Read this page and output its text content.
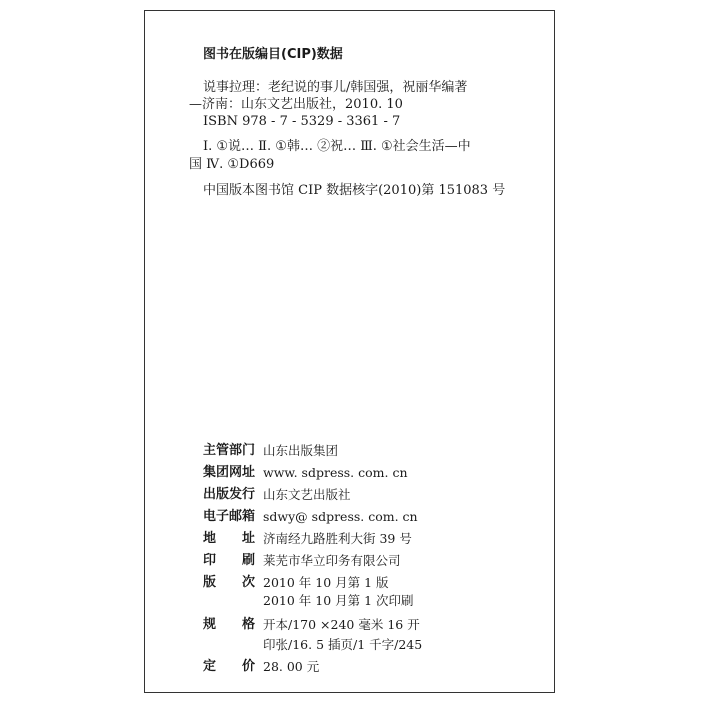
图书在版编目(CIP)数据
说事拉理：老纪说的事儿/韩国强，祝丽华编著
—济南：山东文艺出版社，2010. 10
ISBN 978 - 7 - 5329 - 3361 - 7
Ⅰ. ①说… Ⅱ. ①韩… ②祝… Ⅲ. ①社会生活—中
国 Ⅳ. ①D669
中国版本图书馆 CIP 数据核字(2010)第 151083 号
主管部门 山东出版集团
集团网址 www. sdpress. com. cn
出版发行 山东文艺出版社
电子邮箱 sdwy@ sdpress. com. cn
地　　址 济南经九路胜利大街 39 号
印　　刷 莱芜市华立印务有限公司
版　　次 2010 年 10 月第 1 版
2010 年 10 月第 1 次印刷
规　　格 开本/170 ×240 毫米 16 开
印张/16. 5 插页/1 千字/245
定　　价 28. 00 元
